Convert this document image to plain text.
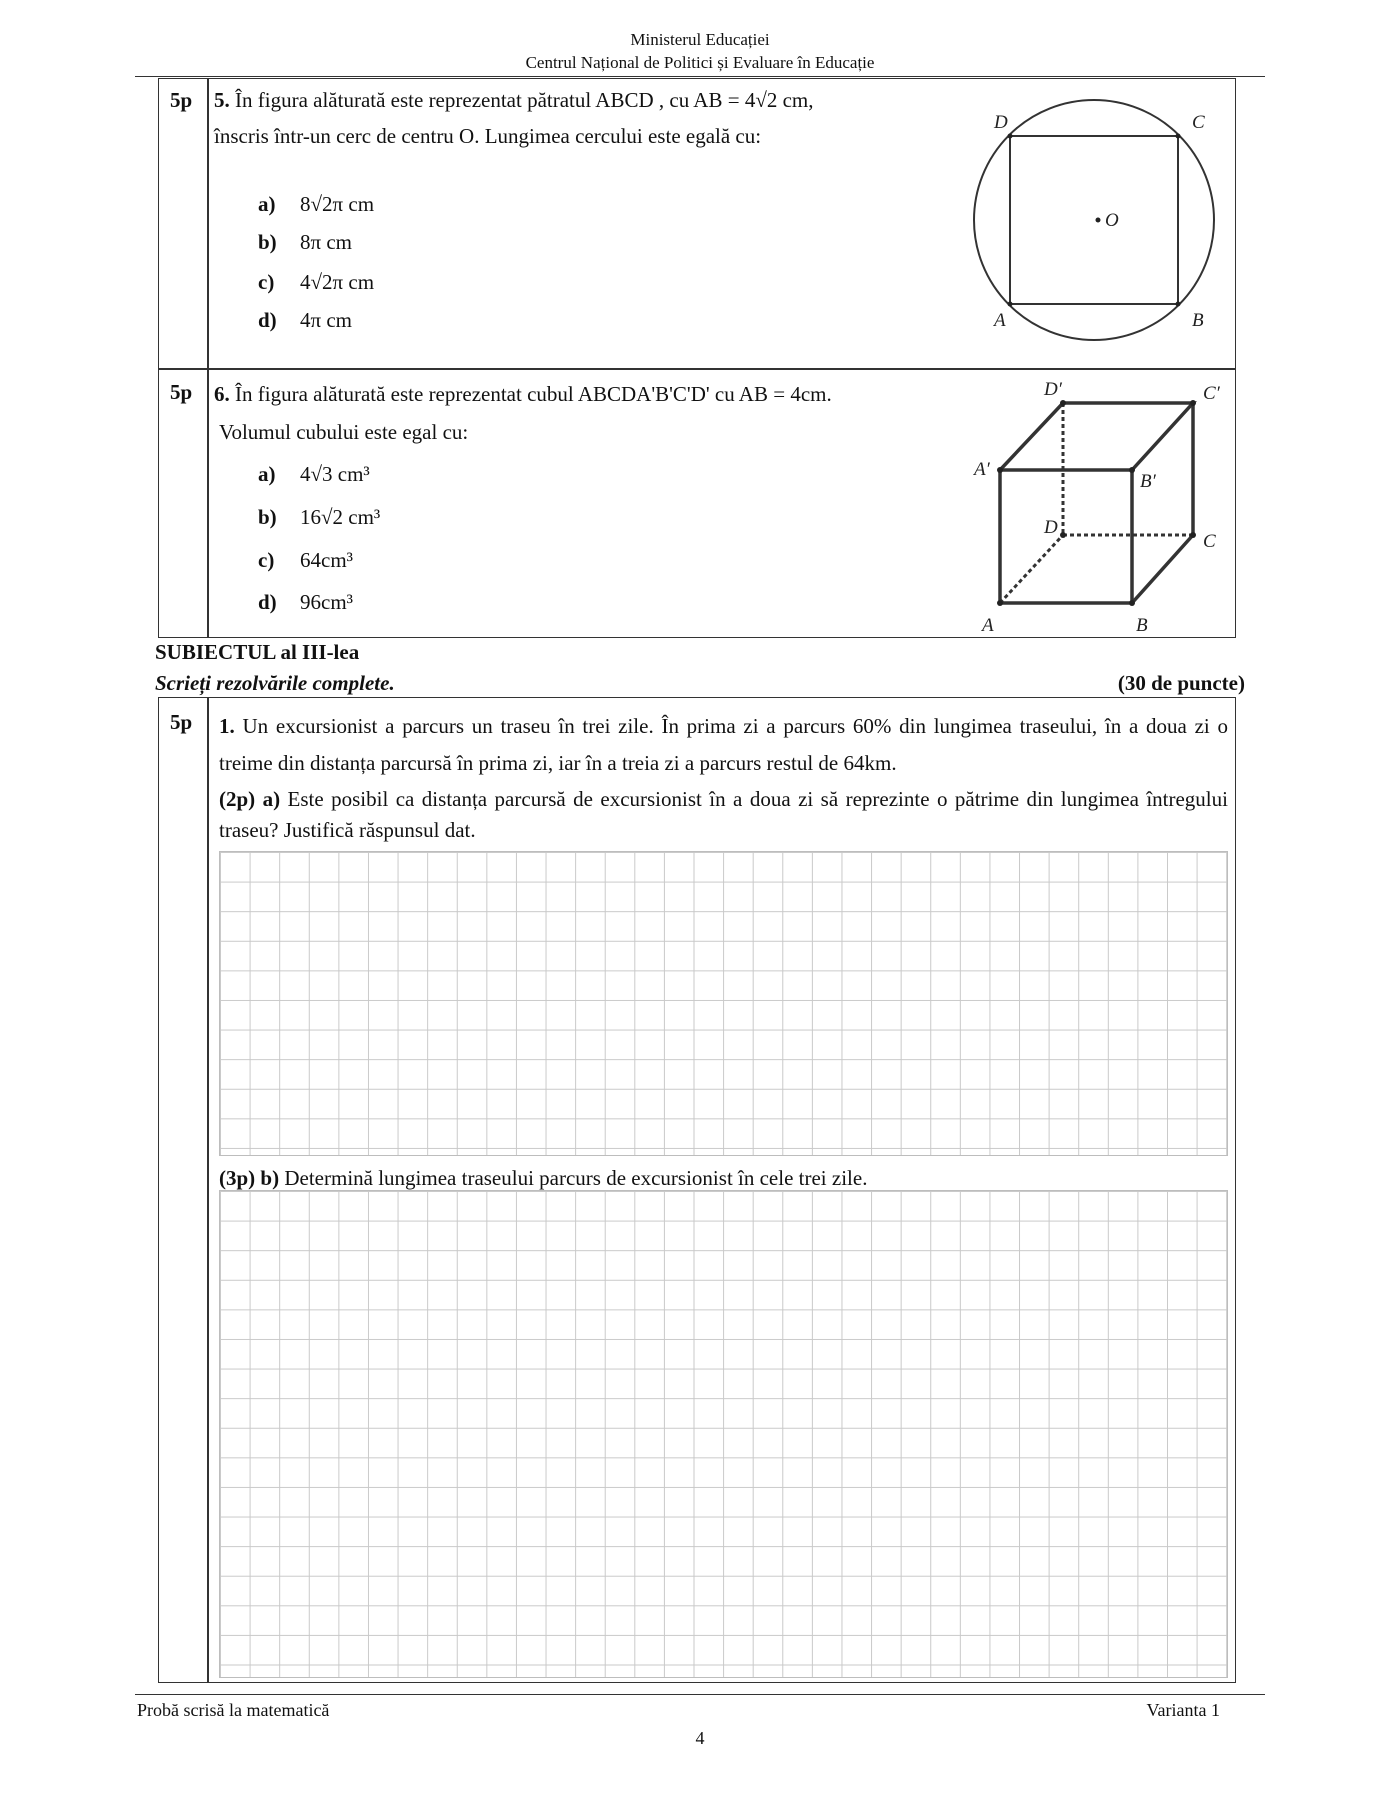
Ministerul Educației
Centrul Național de Politici și Evaluare în Educație
5p 5. În figura alăturată este reprezentat pătratul ABCD , cu AB = 4√2 cm,
înscris într-un cerc de centru O. Lungimea cercului este egală cu:
a) 8√2π cm
b) 8π cm
c) 4√2π cm
d) 4π cm
D	C
A	B
O
5p 6. În figura alăturată este reprezentat cubul ABCDA'B'C'D' cu AB = 4cm.
Volumul cubului este egal cu:
a) 4√3 cm³
b) 16√2 cm³
c) 64cm³
d) 96cm³
D′	C′
A′
B′
D
C
A	B
SUBIECTUL al III-lea
Scrieți rezolvările complete.	(30 de puncte)
5p 1. Un excursionist a parcurs un traseu în trei zile. În prima zi a parcurs 60% din lungimea traseului, în a doua zi o treime din distanța parcursă în prima zi, iar în a treia zi a parcurs restul de 64km.
(2p) a) Este posibil ca distanța parcursă de excursionist în a doua zi să reprezinte o pătrime din lungimea întregului traseu? Justifică răspunsul dat.
(3p) b) Determină lungimea traseului parcurs de excursionist în cele trei zile.
Probă scrisă la matematică	Varianta 1
4
